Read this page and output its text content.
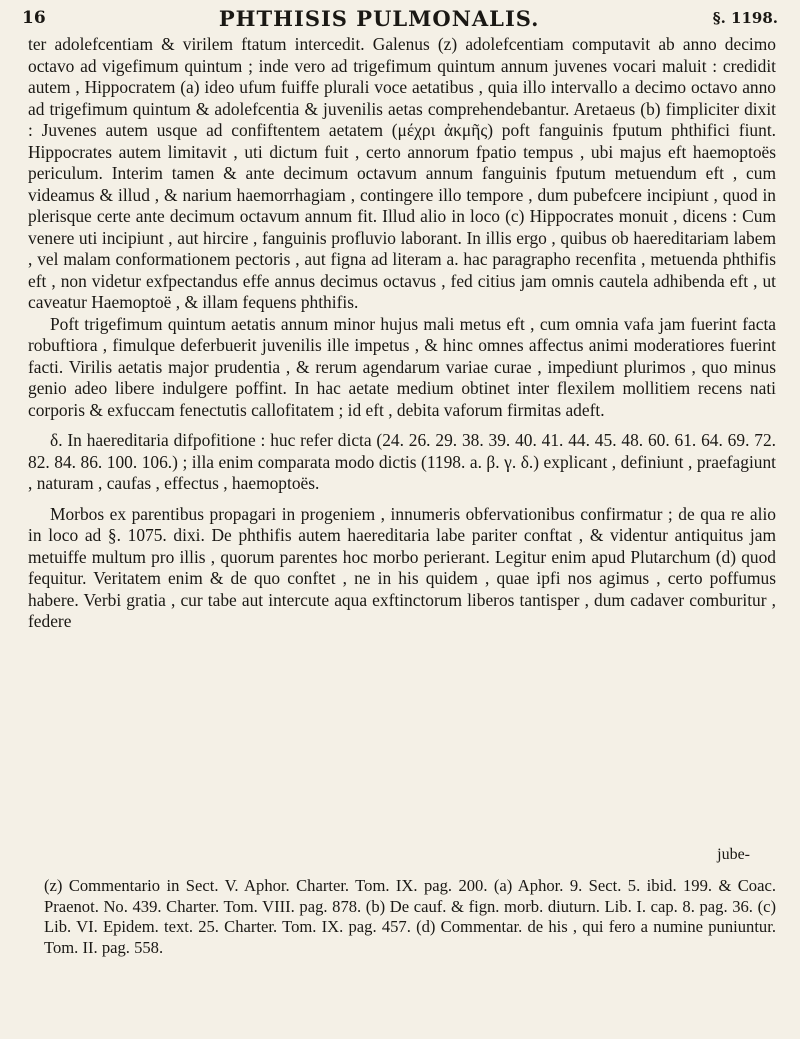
16	PHTHISIS PULMONALIS.	§. 1198.

ter adolefcentiam & virilem ftatum intercedit. Galenus (z) adolefcentiam computavit ab anno decimo octavo ad vigefimum quintum ; inde vero ad trigefimum quintum annum juvenes vocari maluit : credidit autem , Hippocratem (a) ideo ufum fuiffe plurali voce aetatibus , quia illo intervallo a decimo octavo anno ad trigefimum quintum & adolefcentia & juvenilis aetas comprehendebantur. Aretaeus (b) fimpliciter dixit : Juvenes autem usque ad confiftentem aetatem (μέχρι ἀκμῆς) poft fanguinis fputum phthifici fiunt. Hippocrates autem limitavit , uti dictum fuit , certo annorum fpatio tempus , ubi majus eft haemoptoës periculum. Interim tamen & ante decimum octavum annum fanguinis fputum metuendum eft , cum videamus & illud , & narium haemorrhagiam , contingere illo tempore , dum pubefcere incipiunt , quod in plerisque certe ante decimum octavum annum fit. Illud alio in loco (c) Hippocrates monuit , dicens : Cum venere uti incipiunt , aut hircire , fanguinis profluvio laborant. In illis ergo , quibus ob haereditariam labem , vel malam conformationem pectoris , aut figna ad literam a. hac paragrapho recenfita , metuenda phthifis eft , non videtur exfpectandus effe annus decimus octavus , fed citius jam omnis cautela adhibenda eft , ut caveatur Haemoptoë , & illam fequens phthifis.

Poft trigefimum quintum aetatis annum minor hujus mali metus eft , cum omnia vafa jam fuerint facta robuftiora , fimulque deferbuerit juvenilis ille impetus , & hinc omnes affectus animi moderatiores fuerint facti. Virilis aetatis major prudentia , & rerum agendarum variae curae , impediunt plurimos , quo minus genio adeo libere indulgere poffint. In hac aetate medium obtinet inter flexilem mollitiem recens nati corporis & exfuccam fenectutis callofitatem ; id eft , debita vaforum firmitas adeft.

δ. In haereditaria difpofitione : huc refer dicta (24. 26. 29. 38. 39. 40. 41. 44. 45. 48. 60. 61. 64. 69. 72. 82. 84. 86. 100. 106.) ; illa enim comparata modo dictis (1198. a. β. γ. δ.) explicant , definiunt , praefagiunt , naturam , caufas , effectus , haemoptoës.

Morbos ex parentibus propagari in progeniem , innumeris obfervationibus confirmatur ; de qua re alio in loco ad §. 1075. dixi. De phthifis autem haereditaria labe pariter conftat , & videntur antiquitus jam metuiffe multum pro illis , quorum parentes hoc morbo perierant. Legitur enim apud Plutarchum (d) quod fequitur. Veritatem enim & de quo conftet , ne in his quidem , quae ipfi nos agimus , certo poffumus habere. Verbi gratia , cur tabe aut intercute aqua exftinctorum liberos tantisper , dum cadaver comburitur , federe

jube-

(z) Commentario in Sect. V. Aphor. Charter. Tom. IX. pag. 200. (a) Aphor. 9. Sect. 5. ibid. 199. & Coac. Praenot. No. 439. Charter. Tom. VIII. pag. 878. (b) De cauf. & fign. morb. diuturn. Lib. I. cap. 8. pag. 36. (c) Lib. VI. Epidem. text. 25. Charter. Tom. IX. pag. 457. (d) Commentar. de his , qui fero a numine puniuntur. Tom. II. pag. 558.
